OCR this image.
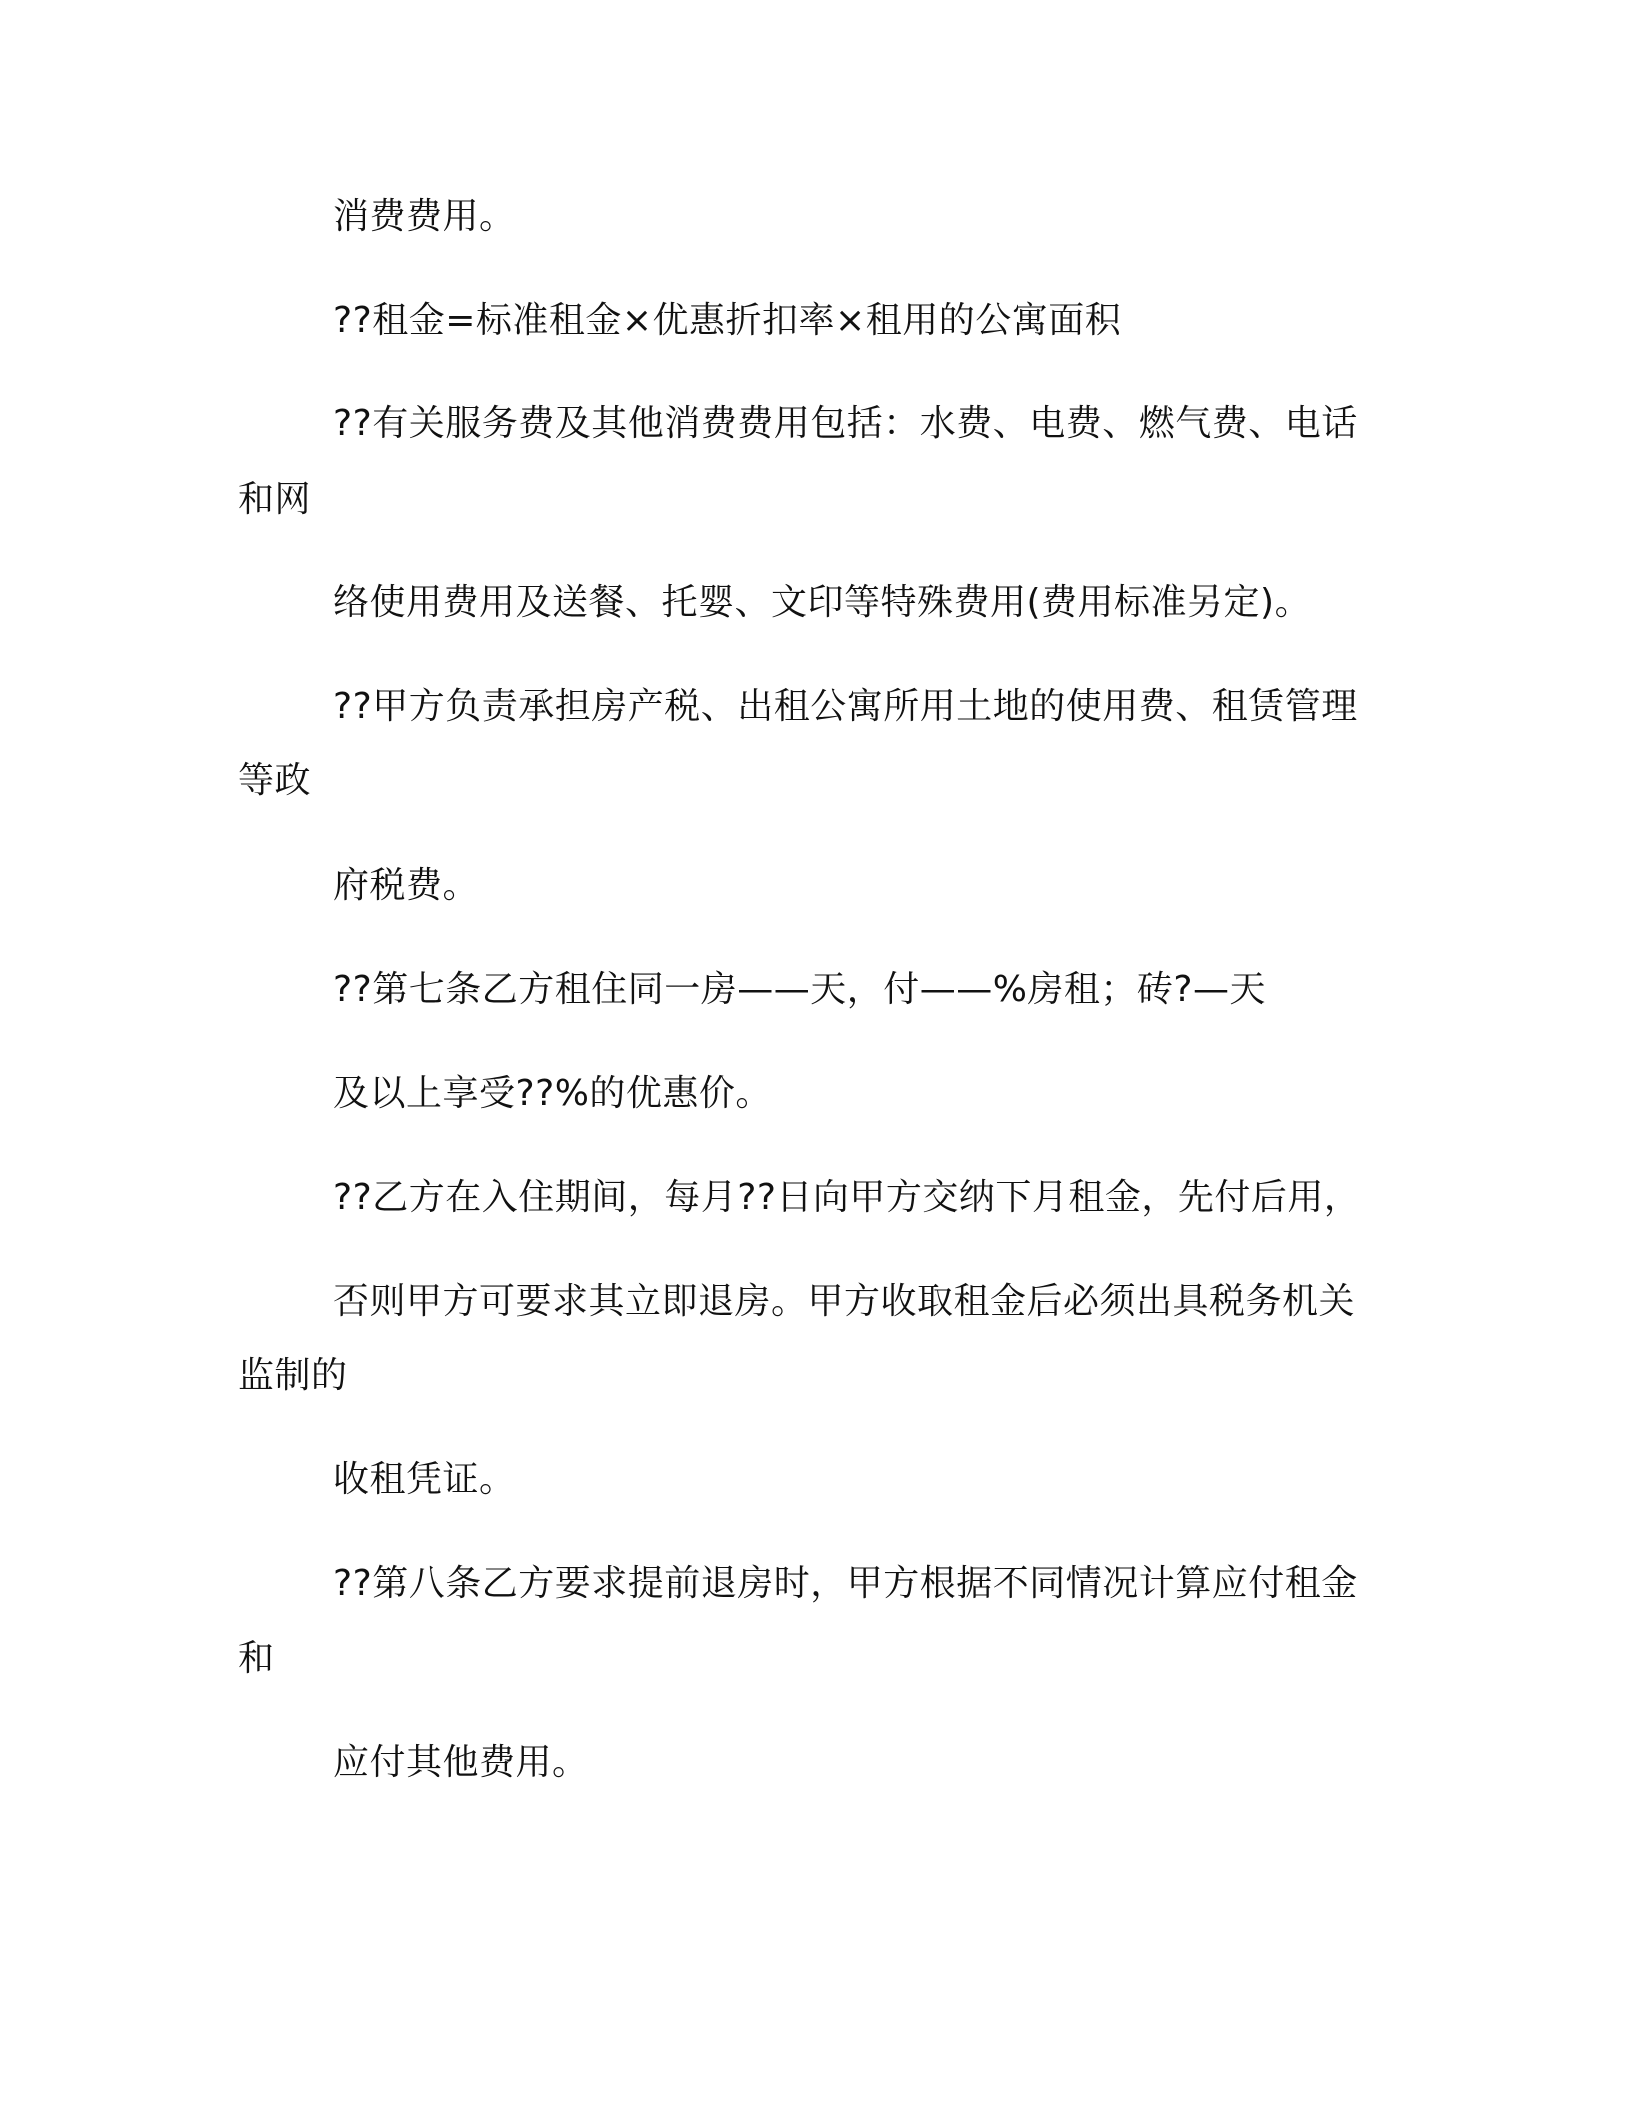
消费费用。
??租金=标准租金×优惠折扣率×租用的公寓面积
??有关服务费及其他消费费用包括：水费、电费、燃气费、电话
和网
络使用费用及送餐、托婴、文印等特殊费用(费用标准另定)。
??甲方负责承担房产税、出租公寓所用土地的使用费、租赁管理
等政
府税费。
??第七条乙方租住同一房——天，付——%房租；砖?—天
及以上享受??%的优惠价。
??乙方在入住期间，每月??日向甲方交纳下月租金，先付后用，
否则甲方可要求其立即退房。甲方收取租金后必须出具税务机关
监制的
收租凭证。
??第八条乙方要求提前退房时，甲方根据不同情况计算应付租金
和
应付其他费用。
